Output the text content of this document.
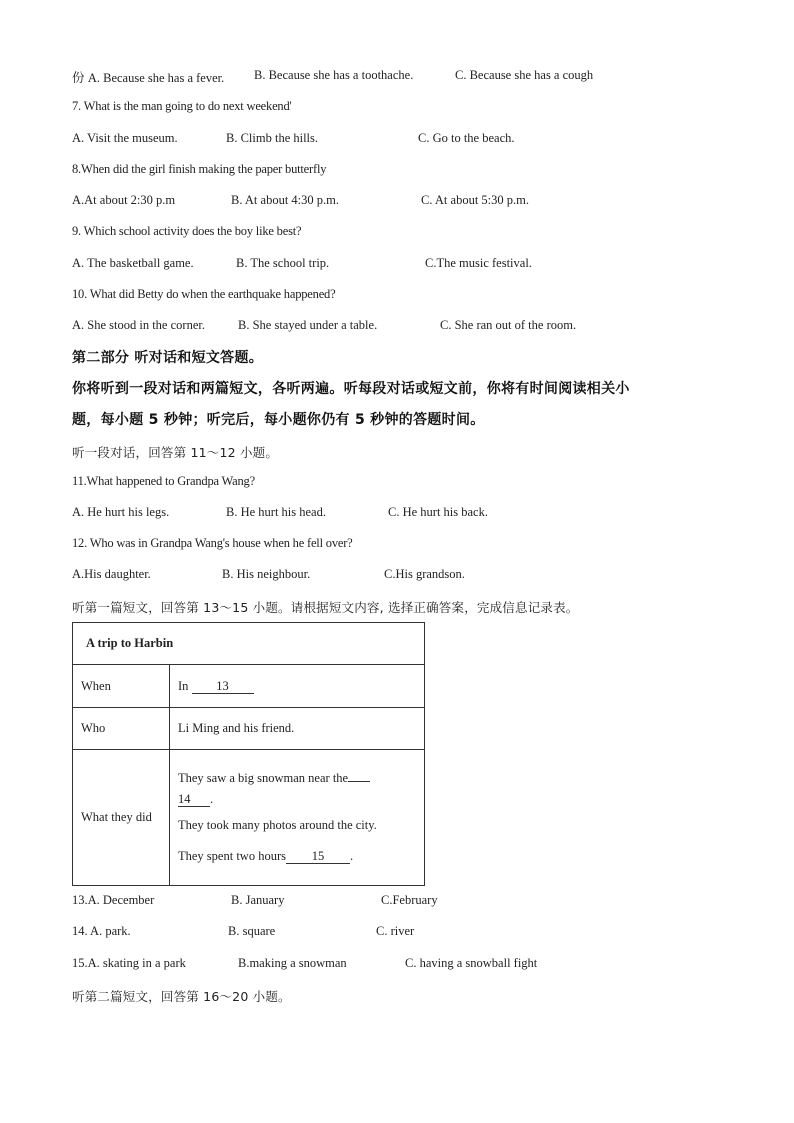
份 A. Because she has a fever. B. Because she has a toothache.	C. Because she has a cough
7. What is the man going to do next weekend'
A. Visit the museum.	B. Climb the hills.	C. Go to the beach.
8.When did the girl finish making the paper butterfly
A.At about 2:30 p.m	B. At about 4:30 p.m.	C. At about 5:30 p.m.
9. Which school activity does the boy like best?
A. The basketball game.	B. The school trip.	C.The music festival.
10. What did Betty do when the earthquake happened?
A. She stood in the corner.	B. She stayed under a table.	C. She ran out of the room.
第二部分 听对话和短文答题。
你将听到一段对话和两篇短文，各听两遍。听每段对话或短文前，你将有时间阅读相关小
题，每小题 5 秒钟；听完后，每小题你仍有 5 秒钟的答题时间。
听一段对话，回答第 11～12 小题。
11.What happened to Grandpa Wang?
A. He hurt his legs.	B. He hurt his head.	C. He hurt his back.
12. Who was in Grandpa Wang's house when he fell over?
A.His daughter.	B. His neighbour.	C.His grandson.
听第一篇短文，回答第 13～15 小题。请根据短文内容, 选择正确答案，完成信息记录表。
A trip to Harbin	
When	In 13
Who	Li Ming and his friend.
What they did	They saw a big snowman near the
14 .
They took many photos around the city.
They spent two hours 15 .
13.A. December	B. January	C.February
14. A. park.	B. square	C. river
15.A. skating in a park	B.making a snowman	C. having a snowball fight
听第二篇短文，回答第 16～20 小题。
